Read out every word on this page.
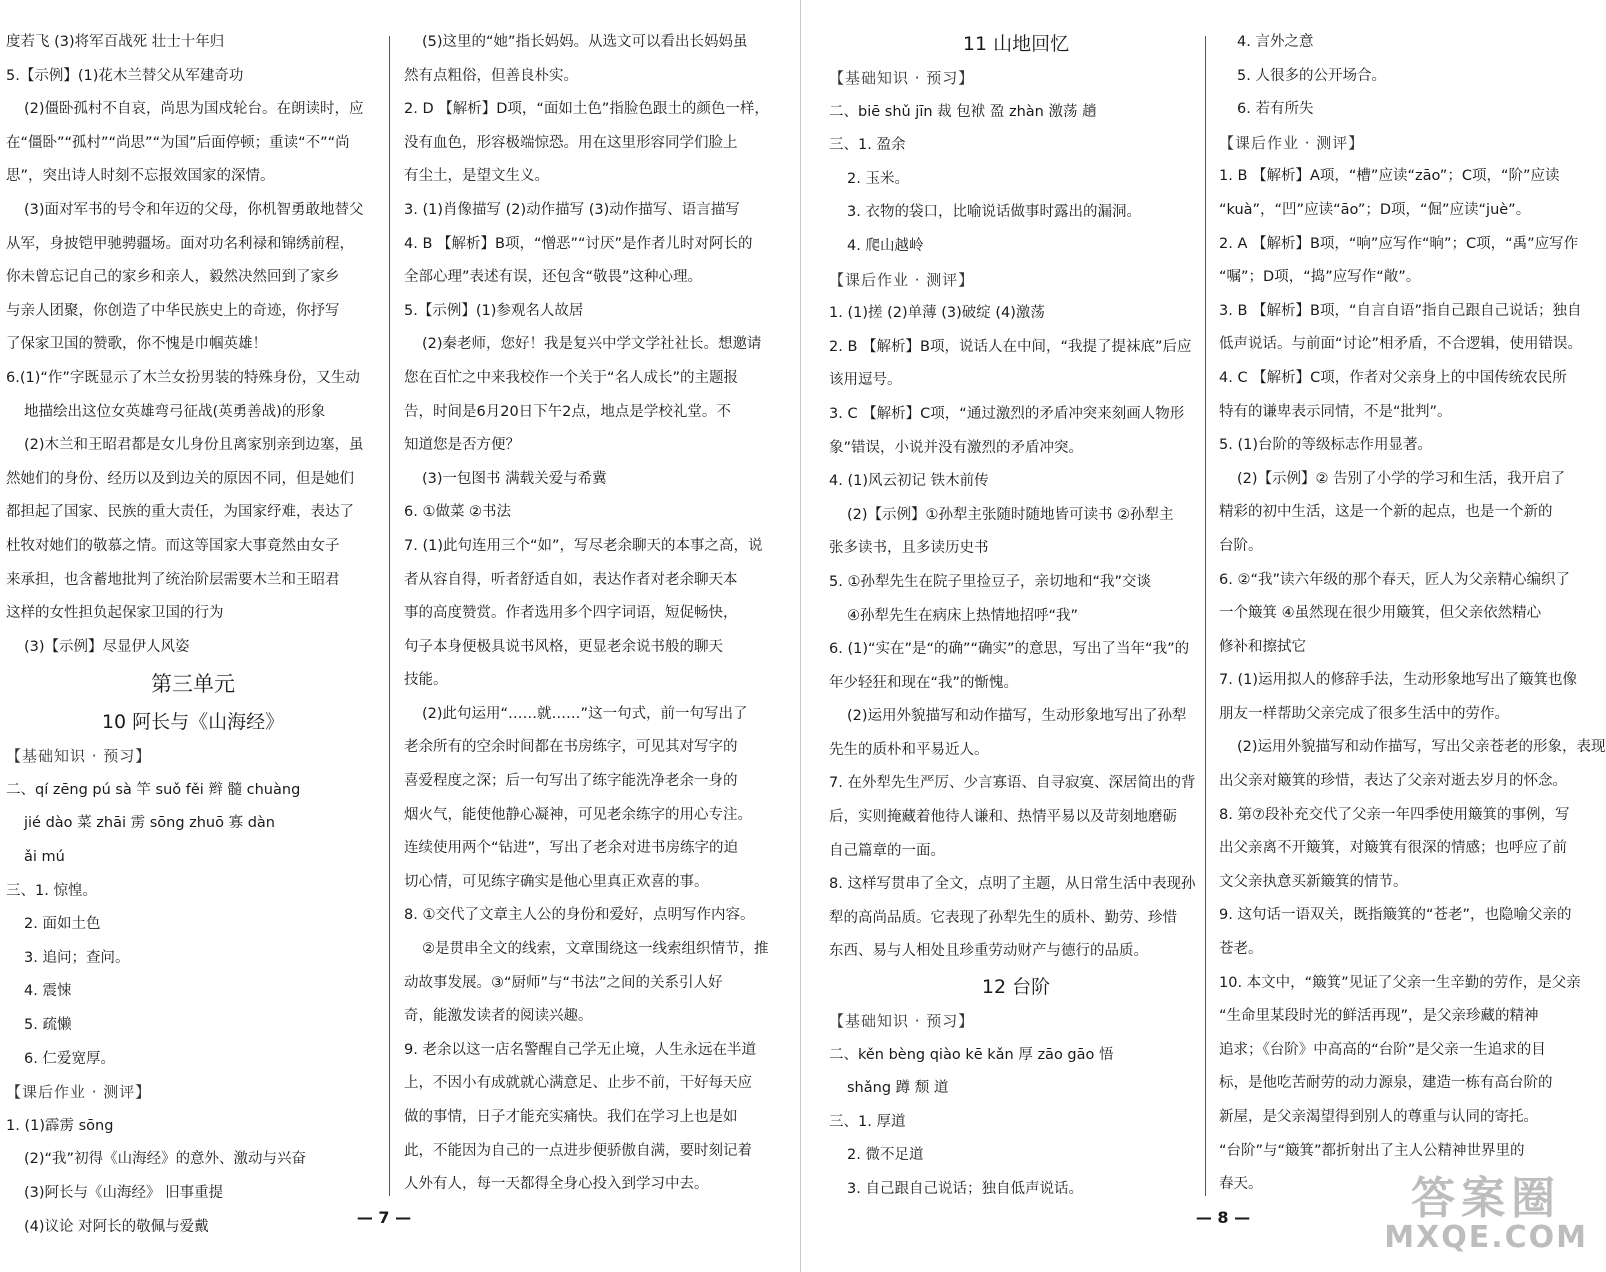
度若飞 (3)将军百战死 壮士十年归
5.【示例】(1)花木兰替父从军建奇功
(2)僵卧孤村不自哀，尚思为国戍轮台。在朗读时，应
在“僵卧”“孤村”“尚思”“为国”后面停顿；重读“不”“尚
思”，突出诗人时刻不忘报效国家的深情。
(3)面对军书的号令和年迈的父母，你机智勇敢地替父
从军，身披铠甲驰骋疆场。面对功名利禄和锦绣前程，
你未曾忘记自己的家乡和亲人，毅然决然回到了家乡
与亲人团聚，你创造了中华民族史上的奇迹，你抒写
了保家卫国的赞歌，你不愧是巾帼英雄！
6.(1)“作”字既显示了木兰女扮男装的特殊身份，又生动
地描绘出这位女英雄弯弓征战(英勇善战)的形象
(2)木兰和王昭君都是女儿身份且离家别亲到边塞，虽
然她们的身份、经历以及到边关的原因不同，但是她们
都担起了国家、民族的重大责任，为国家纾难，表达了
杜牧对她们的敬慕之情。而这等国家大事竟然由女子
来承担，也含蓄地批判了统治阶层需要木兰和王昭君
这样的女性担负起保家卫国的行为
(3)【示例】尽显伊人风姿
第三单元
10 阿长与《山海经》
【基础知识 · 预习】
二、qí zēng pú sà 竿 suǒ fěi 辫 髓 chuàng
jié dào 菜 zhāi 雳 sōng zhuō 寡 dàn
ǎi mú
三、1. 惊惶。
2. 面如土色
3. 追问；查问。
4. 震悚
5. 疏懒
6. 仁爱宽厚。
【课后作业 · 测评】
1. (1)霹雳 sōng
(2)“我”初得《山海经》的意外、激动与兴奋
(3)阿长与《山海经》 旧事重提
(4)议论 对阿长的敬佩与爱戴
(5)这里的“她”指长妈妈。从选文可以看出长妈妈虽
然有点粗俗，但善良朴实。
2. D 【解析】D项，“面如土色”指脸色跟土的颜色一样，
没有血色，形容极端惊恐。用在这里形容同学们脸上
有尘土，是望文生义。
3. (1)肖像描写 (2)动作描写 (3)动作描写、语言描写
4. B 【解析】B项，“憎恶”“讨厌”是作者儿时对阿长的
全部心理”表述有误，还包含“敬畏”这种心理。
5.【示例】(1)参观名人故居
(2)秦老师，您好！我是复兴中学文学社社长。想邀请
您在百忙之中来我校作一个关于“名人成长”的主题报
告，时间是6月20日下午2点，地点是学校礼堂。不
知道您是否方便？
(3)一包图书 满载关爱与希冀
6. ①做菜 ②书法
7. (1)此句连用三个“如”，写尽老余聊天的本事之高，说
者从容自得，听者舒适自如，表达作者对老余聊天本
事的高度赞赏。作者选用多个四字词语，短促畅快，
句子本身便极具说书风格，更显老余说书般的聊天
技能。
(2)此句运用“……就……”这一句式，前一句写出了
老余所有的空余时间都在书房练字，可见其对写字的
喜爱程度之深；后一句写出了练字能洗净老余一身的
烟火气，能使他静心凝神，可见老余练字的用心专注。
连续使用两个“钻进”，写出了老余对进书房练字的迫
切心情，可见练字确实是他心里真正欢喜的事。
8. ①交代了文章主人公的身份和爱好，点明写作内容。
②是贯串全文的线索，文章围绕这一线索组织情节，推
动故事发展。③“厨师”与“书法”之间的关系引人好
奇，能激发读者的阅读兴趣。
9. 老余以这一店名警醒自己学无止境，人生永远在半道
上，不因小有成就就心满意足、止步不前，干好每天应
做的事情，日子才能充实痛快。我们在学习上也是如
此，不能因为自己的一点进步便骄傲自满，要时刻记着
人外有人，每一天都得全身心投入到学习中去。
— 7 —
11 山地回忆
【基础知识 · 预习】
二、biē shǔ jīn 裁 包袱 盈 zhàn 激荡 趟
三、1. 盈余
2. 玉米。
3. 衣物的袋口，比喻说话做事时露出的漏洞。
4. 爬山越岭
【课后作业 · 测评】
1. (1)搓 (2)单薄 (3)破绽 (4)激荡
2. B 【解析】B项，说话人在中间，“我提了提袜底”后应
该用逗号。
3. C 【解析】C项，“通过激烈的矛盾冲突来刻画人物形
象”错误，小说并没有激烈的矛盾冲突。
4. (1)风云初记 铁木前传
(2)【示例】①孙犁主张随时随地皆可读书 ②孙犁主
张多读书，且多读历史书
5. ①孙犁先生在院子里捡豆子，亲切地和“我”交谈
④孙犁先生在病床上热情地招呼“我”
6. (1)“实在”是“的确”“确实”的意思，写出了当年“我”的
年少轻狂和现在“我”的惭愧。
(2)运用外貌描写和动作描写，生动形象地写出了孙犁
先生的质朴和平易近人。
7. 在外犁先生严厉、少言寡语、自寻寂寞、深居简出的背
后，实则掩藏着他待人谦和、热情平易以及苛刻地磨砺
自己篇章的一面。
8. 这样写贯串了全文，点明了主题，从日常生活中表现孙
犁的高尚品质。它表现了孙犁先生的质朴、勤劳、珍惜
东西、易与人相处且珍重劳动财产与德行的品质。
12 台阶
【基础知识 · 预习】
二、kěn bèng qiào kē kǎn 厚 zāo gāo 悟
shǎng 蹲 颓 道
三、1. 厚道
2. 微不足道
3. 自己跟自己说话；独自低声说话。
4. 言外之意
5. 人很多的公开场合。
6. 若有所失
【课后作业 · 测评】
1. B 【解析】A项，“槽”应读“zāo”；C项，“阶”应读
“kuà”，“凹”应读“āo”；D项，“倔”应读“juè”。
2. A 【解析】B项，“响”应写作“晌”；C项，“禹”应写作
“嘱”；D项，“捣”应写作“敞”。
3. B 【解析】B项，“自言自语”指自己跟自己说话；独自
低声说话。与前面“讨论”相矛盾，不合逻辑，使用错误。
4. C 【解析】C项，作者对父亲身上的中国传统农民所
特有的谦卑表示同情，不是“批判”。
5. (1)台阶的等级标志作用显著。
(2)【示例】② 告别了小学的学习和生活，我开启了
精彩的初中生活，这是一个新的起点，也是一个新的
台阶。
6. ②“我”读六年级的那个春天，匠人为父亲精心编织了
一个簸箕 ④虽然现在很少用簸箕，但父亲依然精心
修补和擦拭它
7. (1)运用拟人的修辞手法，生动形象地写出了簸箕也像
朋友一样帮助父亲完成了很多生活中的劳作。
(2)运用外貌描写和动作描写，写出父亲苍老的形象，表现
出父亲对簸箕的珍惜，表达了父亲对逝去岁月的怀念。
8. 第⑦段补充交代了父亲一年四季使用簸箕的事例，写
出父亲离不开簸箕，对簸箕有很深的情感；也呼应了前
文父亲执意买新簸箕的情节。
9. 这句话一语双关，既指簸箕的“苍老”，也隐喻父亲的
苍老。
10. 本文中，“簸箕”见证了父亲一生辛勤的劳作，是父亲
“生命里某段时光的鲜活再现”，是父亲珍藏的精神
追求；《台阶》中高高的“台阶”是父亲一生追求的目
标，是他吃苦耐劳的动力源泉，建造一栋有高台阶的
新屋，是父亲渴望得到别人的尊重与认同的寄托。
“台阶”与“簸箕”都折射出了主人公精神世界里的
春天。
— 8 —	答案圈
MXQE.COM
